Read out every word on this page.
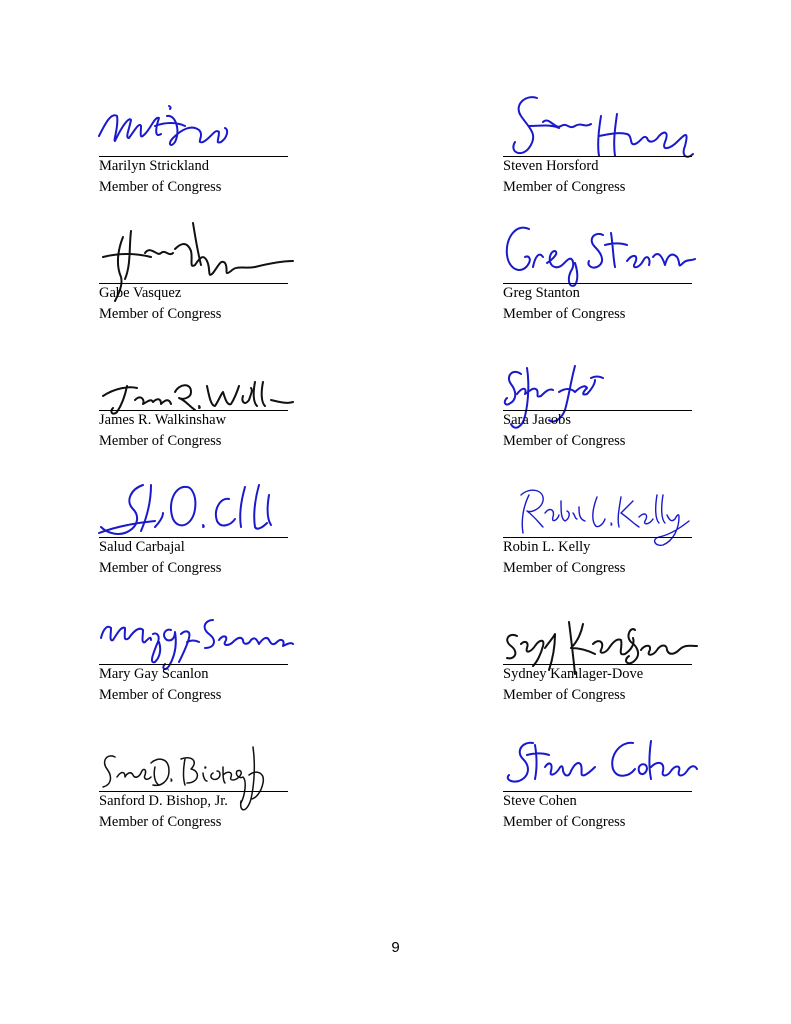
Marilyn Strickland
Member of Congress
Steven Horsford
Member of Congress
Gabe Vasquez
Member of Congress
Greg Stanton
Member of Congress
James R. Walkinshaw
Member of Congress
Sara Jacobs
Member of Congress
Salud Carbajal
Member of Congress
Robin L. Kelly
Member of Congress
Mary Gay Scanlon
Member of Congress
Sydney Kamlager-Dove
Member of Congress
Sanford D. Bishop, Jr.
Member of Congress
Steve Cohen
Member of Congress
9
